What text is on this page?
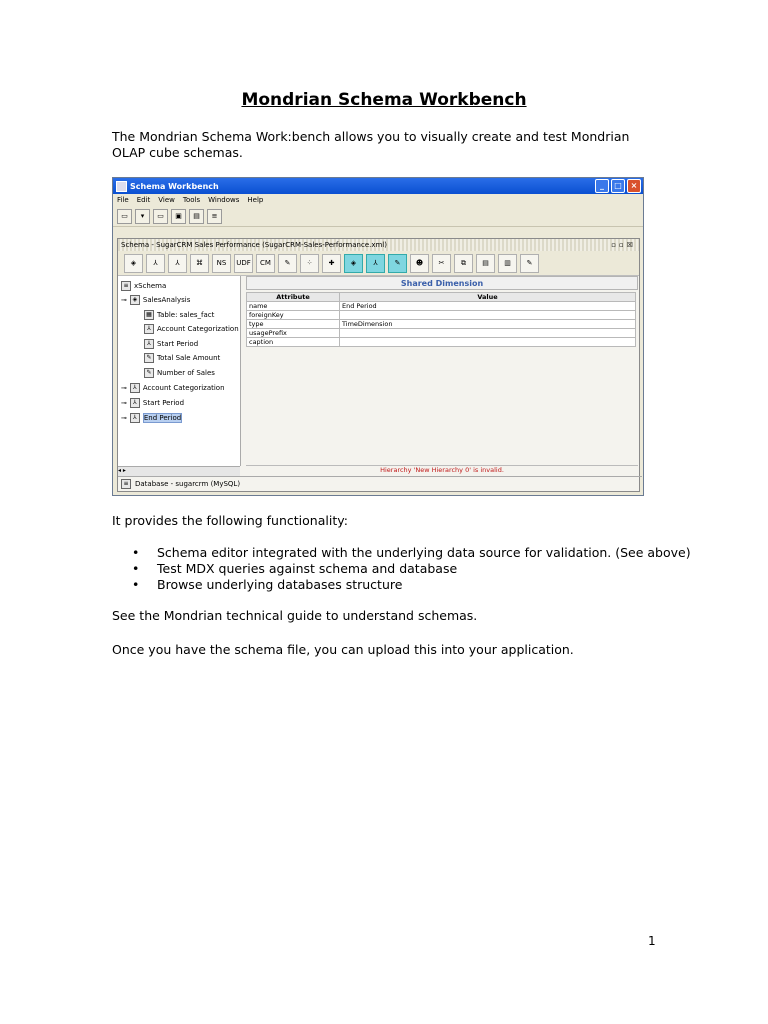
Mondrian Schema Workbench
The Mondrian Schema Work:bench allows you to visually create and test Mondrian OLAP cube schemas.
Schema Workbench	_	□	×
File Edit View Tools Windows Help
▭	▾	▭	▣	▤	≡
Schema - SugarCRM Sales Performance (SugarCRM-Sales-Performance.xml)	▫▫☒
◈	⅄	⅄	⌘	NS	UDF	CM	✎	⁘	✚	◈	⅄	✎	☻	✂	⧉	▤	▥	✎
≡ xSchema
⊸ ◈ SalesAnalysis
▦ Table: sales_fact
⅄ Account Categorization
⅄ Start Period
✎ Total Sale Amount
✎ Number of Sales
⊸	⅄ Account Categorization
⊸	⅄ Start Period
⊸	⅄	End Period
◂ ▸
Shared Dimension
Attribute	Value
name	End Period
foreignKey	
type	TimeDimension
usagePrefix	
caption	
Hierarchy 'New Hierarchy 0' is invalid.
≡ Database - sugarcrm (MySQL)
It provides the following functionality:
• Schema editor integrated with the underlying data source for validation. (See above)
• Test MDX queries against schema and database
• Browse underlying databases structure
See the Mondrian technical guide to understand schemas.
Once you have the schema file, you can upload this into your application.
1
